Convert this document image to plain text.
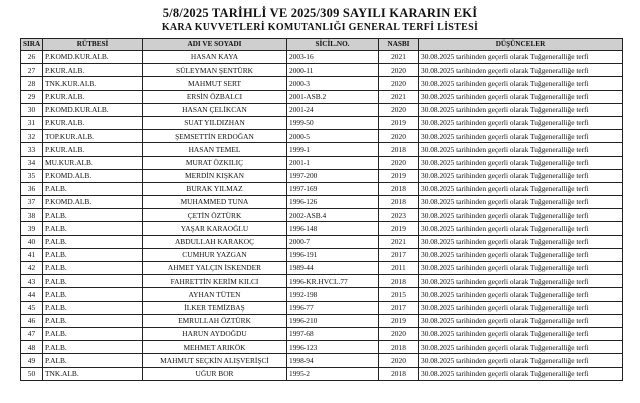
5/8/2025 TARİHLİ VE 2025/309 SAYILI KARARIN EKİ
KARA KUVVETLERİ KOMUTANLIĞI GENERAL TERFİ LİSTESİ
SIRA	RÜTBESİ	ADI VE SOYADI	SİCİL.NO.	NASBI	DÜŞÜNCELER
26	P.KOMD.KUR.ALB.	HASAN KAYA	2003-16	2021	30.08.2025 tarihinden geçerli olarak Tuğgeneralliğe terfi
27	P.KUR.ALB.	SÜLEYMAN ŞENTÜRK	2000-11	2020	30.08.2025 tarihinden geçerli olarak Tuğgeneralliğe terfi
28	TNK.KUR.ALB.	MAHMUT SERT	2000-3	2020	30.08.2025 tarihinden geçerli olarak Tuğgeneralliğe terfi
29	P.KUR.ALB.	ERSİN ÖZBALCI	2001-ASB.2	2021	30.08.2025 tarihinden geçerli olarak Tuğgeneralliğe terfi
30	P.KOMD.KUR.ALB.	HASAN ÇELİKCAN	2001-24	2020	30.08.2025 tarihinden geçerli olarak Tuğgeneralliğe terfi
31	P.KUR.ALB.	SUAT YILDIZHAN	1999-50	2019	30.08.2025 tarihinden geçerli olarak Tuğgeneralliğe terfi
32	TOP.KUR.ALB.	ŞEMSETTİN ERDOĞAN	2000-5	2020	30.08.2025 tarihinden geçerli olarak Tuğgeneralliğe terfi
33	P.KUR.ALB.	HASAN TEMEL	1999-1	2018	30.08.2025 tarihinden geçerli olarak Tuğgeneralliğe terfi
34	MU.KUR.ALB.	MURAT ÖZKILIÇ	2001-1	2020	30.08.2025 tarihinden geçerli olarak Tuğgeneralliğe terfi
35	P.KOMD.ALB.	MERDİN KIŞKAN	1997-200	2019	30.08.2025 tarihinden geçerli olarak Tuğgeneralliğe terfi
36	P.ALB.	BURAK YILMAZ	1997-169	2018	30.08.2025 tarihinden geçerli olarak Tuğgeneralliğe terfi
37	P.KOMD.ALB.	MUHAMMED TUNA	1996-126	2018	30.08.2025 tarihinden geçerli olarak Tuğgeneralliğe terfi
38	P.ALB.	ÇETİN ÖZTÜRK	2002-ASB.4	2023	30.08.2025 tarihinden geçerli olarak Tuğgeneralliğe terfi
39	P.ALB.	YAŞAR KARAOĞLU	1996-148	2019	30.08.2025 tarihinden geçerli olarak Tuğgeneralliğe terfi
40	P.ALB.	ABDULLAH KARAKOÇ	2000-7	2021	30.08.2025 tarihinden geçerli olarak Tuğgeneralliğe terfi
41	P.ALB.	CUMHUR YAZGAN	1996-191	2017	30.08.2025 tarihinden geçerli olarak Tuğgeneralliğe terfi
42	P.ALB.	AHMET YALÇIN İSKENDER	1989-44	2011	30.08.2025 tarihinden geçerli olarak Tuğgeneralliğe terfi
43	P.ALB.	FAHRETTİN KERİM KILCI	1996-KR.HVCL.77	2018	30.08.2025 tarihinden geçerli olarak Tuğgeneralliğe terfi
44	P.ALB.	AYHAN TÜTEN	1992-198	2015	30.08.2025 tarihinden geçerli olarak Tuğgeneralliğe terfi
45	P.ALB.	İLKER TEMİZBAŞ	1996-77	2017	30.08.2025 tarihinden geçerli olarak Tuğgeneralliğe terfi
46	P.ALB.	EMRULLAH ÖZTÜRK	1996-210	2019	30.08.2025 tarihinden geçerli olarak Tuğgeneralliğe terfi
47	P.ALB.	HARUN AYDOĞDU	1997-68	2020	30.08.2025 tarihinden geçerli olarak Tuğgeneralliğe terfi
48	P.ALB.	MEHMET ARIKÖK	1996-123	2018	30.08.2025 tarihinden geçerli olarak Tuğgeneralliğe terfi
49	P.ALB.	MAHMUT SEÇKİN ALIŞVERİŞCİ	1998-94	2020	30.08.2025 tarihinden geçerli olarak Tuğgeneralliğe terfi
50	TNK.ALB.	UĞUR BOR	1995-2	2018	30.08.2025 tarihinden geçerli olarak Tuğgeneralliğe terfi
